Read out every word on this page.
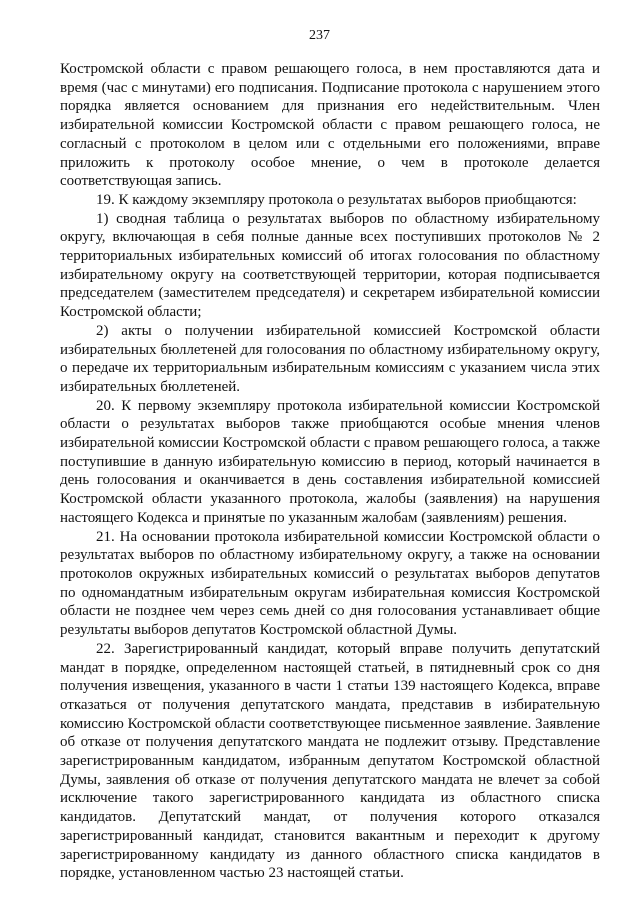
237

Костромской области с правом решающего голоса, в нем проставляются дата и время (час с минутами) его подписания. Подписание протокола с нарушением этого порядка является основанием для признания его недействительным. Член избирательной комиссии Костромской области с правом решающего голоса, не согласный с протоколом в целом или с отдельными его положениями, вправе приложить к протоколу особое мнение, о чем в протоколе делается соответствующая запись.

19. К каждому экземпляру протокола о результатах выборов приобщаются:

1) сводная таблица о результатах выборов по областному избирательному округу, включающая в себя полные данные всех поступивших протоколов № 2 территориальных избирательных комиссий об итогах голосования по областному избирательному округу на соответствующей территории, которая подписывается председателем (заместителем председателя) и секретарем избирательной комиссии Костромской области;

2) акты о получении избирательной комиссией Костромской области избирательных бюллетеней для голосования по областному избирательному округу, о передаче их территориальным избирательным комиссиям с указанием числа этих избирательных бюллетеней.

20. К первому экземпляру протокола избирательной комиссии Костромской области о результатах выборов также приобщаются особые мнения членов избирательной комиссии Костромской области с правом решающего голоса, а также поступившие в данную избирательную комиссию в период, который начинается в день голосования и оканчивается в день составления избирательной комиссией Костромской области указанного протокола, жалобы (заявления) на нарушения настоящего Кодекса и принятые по указанным жалобам (заявлениям) решения.

21. На основании протокола избирательной комиссии Костромской области о результатах выборов по областному избирательному округу, а также на основании протоколов окружных избирательных комиссий о результатах выборов депутатов по одномандатным избирательным округам избирательная комиссия Костромской области не позднее чем через семь дней со дня голосования устанавливает общие результаты выборов депутатов Костромской областной Думы.

22. Зарегистрированный кандидат, который вправе получить депутатский мандат в порядке, определенном настоящей статьей, в пятидневный срок со дня получения извещения, указанного в части 1 статьи 139 настоящего Кодекса, вправе отказаться от получения депутатского мандата, представив в избирательную комиссию Костромской области соответствующее письменное заявление. Заявление об отказе от получения депутатского мандата не подлежит отзыву. Представление зарегистрированным кандидатом, избранным депутатом Костромской областной Думы, заявления об отказе от получения депутатского мандата не влечет за собой исключение такого зарегистрированного кандидата из областного списка кандидатов. Депутатский мандат, от получения которого отказался зарегистрированный кандидат, становится вакантным и переходит к другому зарегистрированному кандидату из данного областного списка кандидатов в порядке, установленном частью 23 настоящей статьи.
